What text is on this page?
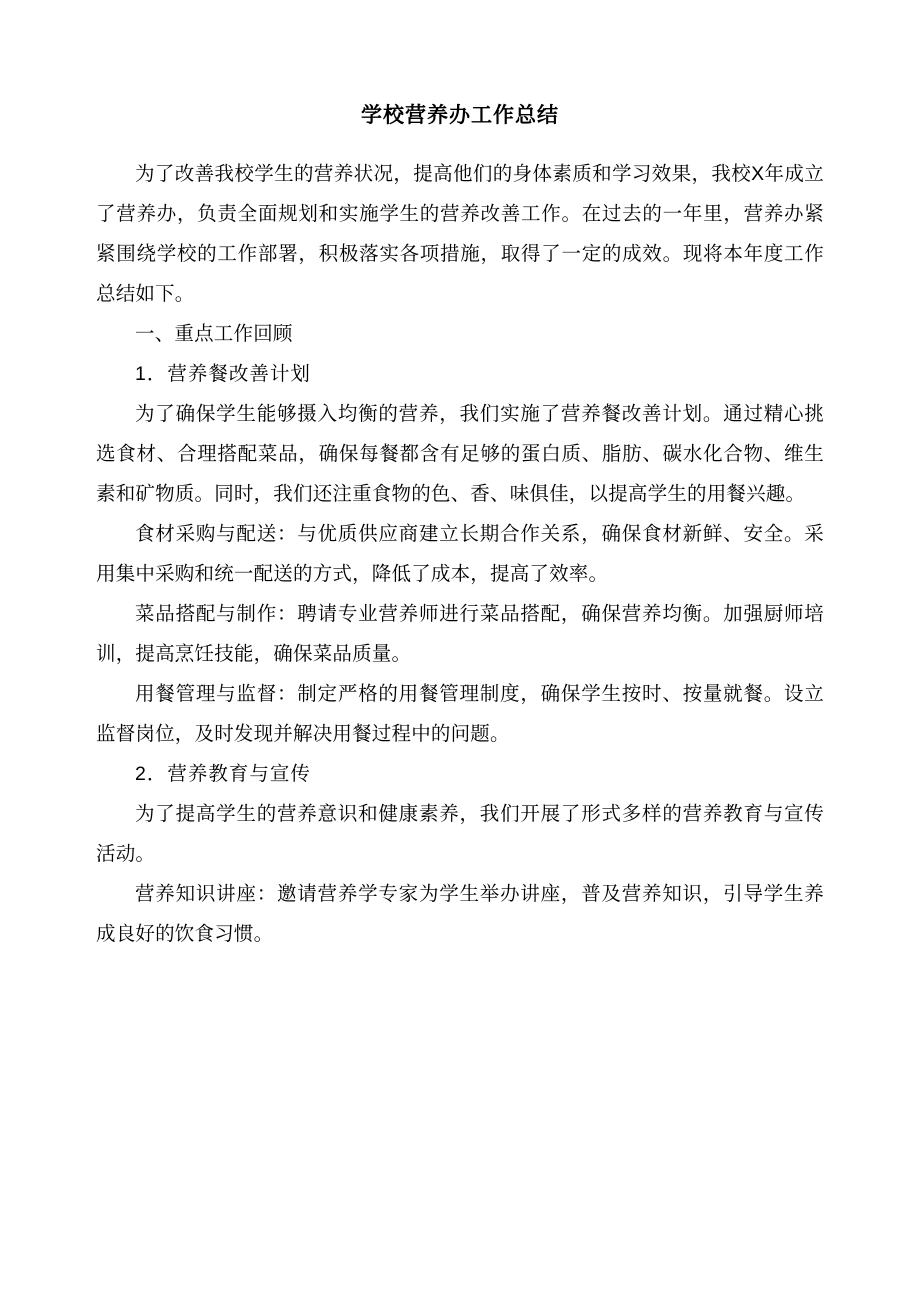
学校营养办工作总结

为了改善我校学生的营养状况，提高他们的身体素质和学习效果，我校X年成立了营养办，负责全面规划和实施学生的营养改善工作。在过去的一年里，营养办紧紧围绕学校的工作部署，积极落实各项措施，取得了一定的成效。现将本年度工作总结如下。

一、重点工作回顾

1．营养餐改善计划

为了确保学生能够摄入均衡的营养，我们实施了营养餐改善计划。通过精心挑选食材、合理搭配菜品，确保每餐都含有足够的蛋白质、脂肪、碳水化合物、维生素和矿物质。同时，我们还注重食物的色、香、味俱佳，以提高学生的用餐兴趣。

食材采购与配送：与优质供应商建立长期合作关系，确保食材新鲜、安全。采用集中采购和统一配送的方式，降低了成本，提高了效率。

菜品搭配与制作：聘请专业营养师进行菜品搭配，确保营养均衡。加强厨师培训，提高烹饪技能，确保菜品质量。

用餐管理与监督：制定严格的用餐管理制度，确保学生按时、按量就餐。设立监督岗位，及时发现并解决用餐过程中的问题。

2．营养教育与宣传

为了提高学生的营养意识和健康素养，我们开展了形式多样的营养教育与宣传活动。

营养知识讲座：邀请营养学专家为学生举办讲座，普及营养知识，引导学生养成良好的饮食习惯。
